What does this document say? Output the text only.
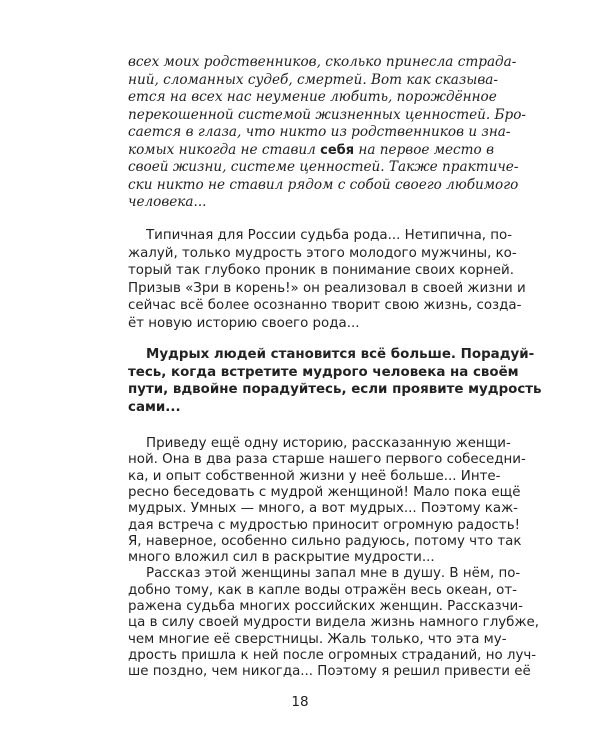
всех моих родственников, сколько принесла страда-
ний, сломанных судеб, смертей. Вот как сказыва-
ется на всех нас неумение любить, порождённое
перекошенной системой жизненных ценностей. Бро-
сается в глаза, что никто из родственников и зна-
комых никогда не ставил себя на первое место в
своей жизни, системе ценностей. Также практиче-
ски никто не ставил рядом с собой своего любимого
человека...
Типичная для России судьба рода... Нетипична, по-
жалуй, только мудрость этого молодого мужчины, ко-
торый так глубоко проник в понимание своих корней.
Призыв «Зри в корень!» он реализовал в своей жизни и
сейчас всё более осознанно творит свою жизнь, созда-
ёт новую историю своего рода...
Мудрых людей становится всё больше. Порадуй-
тесь, когда встретите мудрого человека на своём
пути, вдвойне порадуйтесь, если проявите мудрость
сами...
Приведу ещё одну историю, рассказанную женщи-
ной. Она в два раза старше нашего первого собеседни-
ка, и опыт собственной жизни у неё больше... Инте-
ресно беседовать с мудрой женщиной! Мало пока ещё
мудрых. Умных — много, а вот мудрых... Поэтому каж-
дая встреча с мудростью приносит огромную радость!
Я, наверное, особенно сильно радуюсь, потому что так
много вложил сил в раскрытие мудрости...
Рассказ этой женщины запал мне в душу. В нём, по-
добно тому, как в капле воды отражён весь океан, от-
ражена судьба многих российских женщин. Рассказчи-
ца в силу своей мудрости видела жизнь намного глубже,
чем многие её сверстницы. Жаль только, что эта му-
дрость пришла к ней после огромных страданий, но луч-
ше поздно, чем никогда... Поэтому я решил привести её
18
